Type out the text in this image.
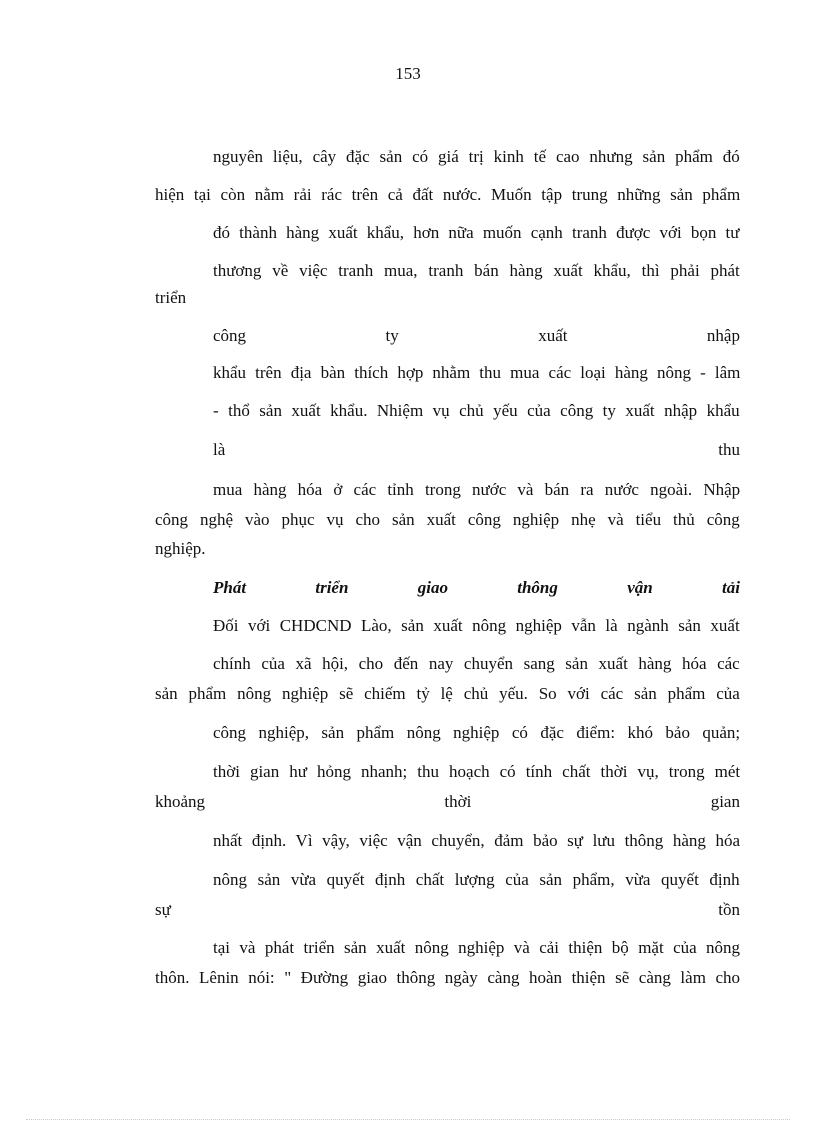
153
nguyên liệu, cây đặc sản có giá trị kinh tế cao nhưng sản phẩm đó
hiện tại còn nằm rải rác trên cả đất nước. Muốn tập trung những sản phẩm
đó thành hàng xuất khẩu, hơn nữa muốn cạnh tranh được với bọn tư
thương về việc tranh mua, tranh bán hàng xuất khẩu, thì phải phát
triển
công	ty	xuất	nhập
khẩu trên địa bàn thích hợp nhằm thu mua các loại hàng nông - lâm
- thổ sản xuất khẩu. Nhiệm vụ chủ yếu của công ty xuất nhập khẩu
là	thu
mua hàng hóa ở các tỉnh trong nước và bán ra nước ngoài. Nhập
công nghệ vào phục vụ cho sản xuất công nghiệp nhẹ và tiểu thủ công
nghiệp.
Phát	triển	giao	thông	vận	tải
Đối với CHDCND Lào, sản xuất nông nghiệp vẫn là ngành sản xuất
chính của xã hội, cho đến nay chuyển sang sản xuất hàng hóa các
sản phẩm nông nghiệp sẽ chiếm tỷ lệ chủ yếu. So với các sản phẩm của
công nghiệp, sản phẩm nông nghiệp có đặc điểm: khó bảo quản;
thời gian hư hỏng nhanh; thu hoạch có tính chất thời vụ, trong mét
khoảng	thời	gian
nhất định. Vì vậy, việc vận chuyển, đảm bảo sự lưu thông hàng hóa
nông sản vừa quyết định chất lượng của sản phẩm, vừa quyết định
sự	tồn
tại và phát triển sản xuất nông nghiệp và cải thiện bộ mặt của nông
thôn. Lênin nói: " Đường giao thông ngày càng hoàn thiện sẽ càng làm cho
